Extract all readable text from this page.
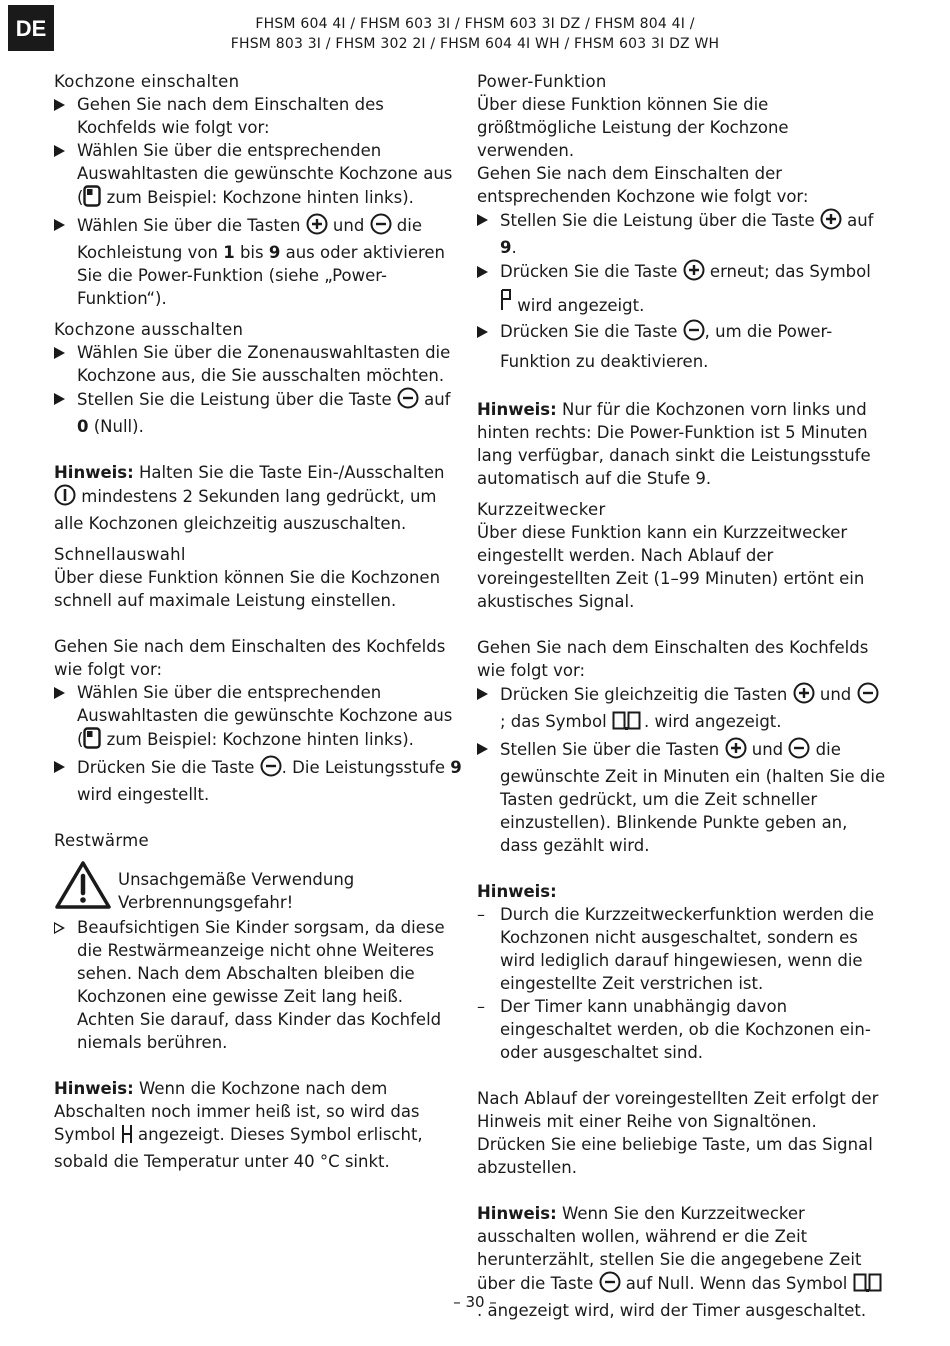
DE	FHSM 604 4I / FHSM 603 3I / FHSM 603 3I DZ / FHSM 804 4I /
FHSM 803 3I / FHSM 302 2I / FHSM 604 4I WH / FHSM 603 3I DZ WH
Kochzone einschalten
Gehen Sie nach dem Einschalten des Kochfelds wie folgt vor:
Wählen Sie über die entsprechenden Auswahltasten die gewünschte Kochzone aus ( zum Beispiel: Kochzone hinten links).
Wählen Sie über die Tasten  und  die Kochleistung von 1 bis 9 aus oder aktivieren Sie die Power-Funktion (siehe „Power-Funktion“).
Kochzone ausschalten
Wählen Sie über die Zonenauswahltasten die Kochzone aus, die Sie ausschalten möchten.
Stellen Sie die Leistung über die Taste  auf 0 (Null).

Hinweis: Halten Sie die Taste Ein-/Ausschalten  mindestens 2 Sekunden lang gedrückt, um alle Kochzonen gleichzeitig auszuschalten.

Schnellauswahl

Über diese Funktion können Sie die Kochzonen schnell auf maximale Leistung einstellen.

Gehen Sie nach dem Einschalten des Kochfelds wie folgt vor:

Wählen Sie über die entsprechenden Auswahltasten die gewünschte Kochzone aus ( zum Beispiel: Kochzone hinten links).
Drücken Sie die Taste . Die Leistungsstufe 9 wird eingestellt.
Restwärme
Unsachgemäße Verwendung
Verbrennungsgefahr!
Beaufsichtigen Sie Kinder sorgsam, da diese die Restwärmeanzeige nicht ohne Weiteres sehen. Nach dem Abschalten bleiben die Kochzonen eine gewisse Zeit lang heiß. Achten Sie darauf, dass Kinder das Kochfeld niemals berühren.

Hinweis: Wenn die Kochzone nach dem Abschalten noch immer heiß ist, so wird das Symbol  angezeigt. Dieses Symbol erlischt, sobald die Temperatur unter 40 °C sinkt.

Power-Funktion

Über diese Funktion können Sie die größtmögliche Leistung der Kochzone verwenden.

Gehen Sie nach dem Einschalten der entsprechenden Kochzone wie folgt vor:

Stellen Sie die Leistung über die Taste  auf 9.
Drücken Sie die Taste  erneut; das Symbol  wird angezeigt.
Drücken Sie die Taste , um die Power-Funktion zu deaktivieren.

Hinweis: Nur für die Kochzonen vorn links und hinten rechts: Die Power-Funktion ist 5 Minuten lang verfügbar, danach sinkt die Leistungsstufe automatisch auf die Stufe 9.

Kurzzeitwecker

Über diese Funktion kann ein Kurzzeitwecker eingestellt werden. Nach Ablauf der voreingestellten Zeit (1–99 Minuten) ertönt ein akustisches Signal.

Gehen Sie nach dem Einschalten des Kochfelds wie folgt vor:

Drücken Sie gleichzeitig die Tasten  und  ; das Symbol . wird angezeigt.
Stellen Sie über die Tasten  und  die gewünschte Zeit in Minuten ein (halten Sie die Tasten gedrückt, um die Zeit schneller einzustellen). Blinkende Punkte geben an, dass gezählt wird.

Hinweis:

– Durch die Kurzzeitweckerfunktion werden die Kochzonen nicht ausgeschaltet, sondern es wird lediglich darauf hingewiesen, wenn die eingestellte Zeit verstrichen ist.
– Der Timer kann unabhängig davon eingeschaltet werden, ob die Kochzonen ein- oder ausgeschaltet sind.

Nach Ablauf der voreingestellten Zeit erfolgt der Hinweis mit einer Reihe von Signaltönen. Drücken Sie eine beliebige Taste, um das Signal abzustellen.

Hinweis: Wenn Sie den Kurzzeitwecker ausschalten wollen, während er die Zeit herunterzählt, stellen Sie die angegebene Zeit über die Taste  auf Null. Wenn das Symbol . angezeigt wird, wird der Timer ausgeschaltet.

– 30 –
